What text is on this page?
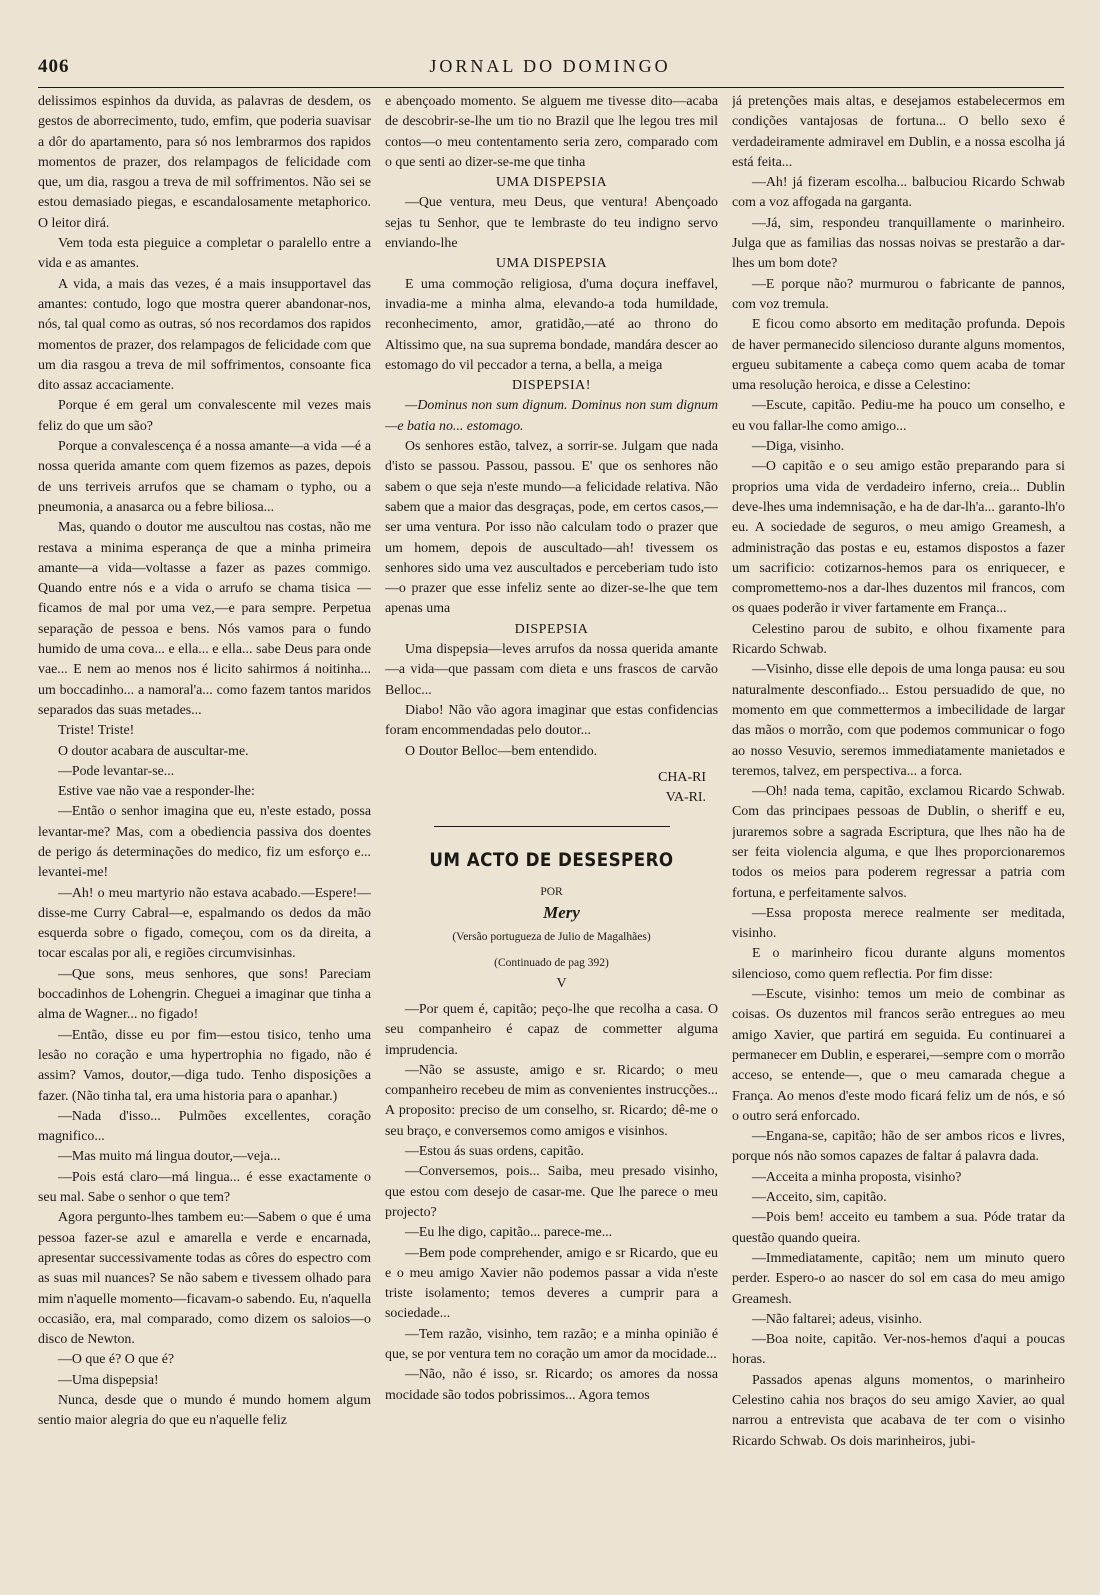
406	JORNAL DO DOMINGO

delissimos espinhos da duvida, as palavras de desdem, os gestos de aborrecimento, tudo, emfim, que poderia suavisar a dôr do apartamento, para só nos lembrarmos dos rapidos momentos de prazer, dos relampagos de felicidade com que, um dia, rasgou a treva de mil soffrimentos. Não sei se estou demasiado piegas, e escandalosamente metaphorico. O leitor dirá.

Vem toda esta pieguice a completar o paralello entre a vida e as amantes.

A vida, a mais das vezes, é a mais insupportavel das amantes: contudo, logo que mostra querer abandonar-nos, nós, tal qual como as outras, só nos recordamos dos rapidos momentos de prazer, dos relampagos de felicidade com que um dia rasgou a treva de mil soffrimentos, consoante fica dito assaz accaciamente.

Porque é em geral um convalescente mil vezes mais feliz do que um são?

Porque a convalescença é a nossa amante—a vida —é a nossa querida amante com quem fizemos as pazes, depois de uns terriveis arrufos que se chamam o typho, ou a pneumonia, a anasarca ou a febre biliosa...

Mas, quando o doutor me auscultou nas costas, não me restava a minima esperança de que a minha primeira amante—a vida—voltasse a fazer as pazes commigo. Quando entre nós e a vida o arrufo se chama tisica — ficamos de mal por uma vez,—e para sempre. Perpetua separação de pessoa e bens. Nós vamos para o fundo humido de uma cova... e ella... e ella... sabe Deus para onde vae... E nem ao menos nos é licito sahirmos á noitinha... um boccadinho... a namoral'a... como fazem tantos maridos separados das suas metades...

Triste! Triste!

O doutor acabara de auscultar-me.

—Pode levantar-se...

Estive vae não vae a responder-lhe:

—Então o senhor imagina que eu, n'este estado, possa levantar-me? Mas, com a obediencia passiva dos doentes de perigo ás determinações do medico, fiz um esforço e... levantei-me!

—Ah! o meu martyrio não estava acabado.—Espere!—disse-me Curry Cabral—e, espalmando os dedos da mão esquerda sobre o figado, começou, com os da direita, a tocar escalas por ali, e regiões circumvisinhas.

—Que sons, meus senhores, que sons! Pareciam boccadinhos de Lohengrin. Cheguei a imaginar que tinha a alma de Wagner... no figado!

—Então, disse eu por fim—estou tisico, tenho uma lesão no coração e uma hypertrophia no figado, não é assim? Vamos, doutor,—diga tudo. Tenho disposições a fazer. (Não tinha tal, era uma historia para o apanhar.)

—Nada d'isso... Pulmões excellentes, coração magnifico...

—Mas muito má lingua doutor,—veja...

—Pois está claro—má lingua... é esse exactamente o seu mal. Sabe o senhor o que tem?

Agora pergunto-lhes tambem eu:—Sabem o que é uma pessoa fazer-se azul e amarella e verde e encarnada, apresentar successivamente todas as côres do espectro com as suas mil nuances? Se não sabem e tivessem olhado para mim n'aquelle momento—ficavam-o sabendo. Eu, n'aquella occasião, era, mal comparado, como dizem os saloios—o disco de Newton.

—O que é? O que é?

—Uma dispepsia!

Nunca, desde que o mundo é mundo homem algum sentio maior alegria do que eu n'aquelle feliz

e abençoado momento. Se alguem me tivesse dito—acaba de descobrir-se-lhe um tio no Brazil que lhe legou tres mil contos—o meu contentamento seria zero, comparado com o que senti ao dizer-se-me que tinha

UMA DISPEPSIA

—Que ventura, meu Deus, que ventura! Abençoado sejas tu Senhor, que te lembraste do teu indigno servo enviando-lhe

UMA DISPEPSIA

E uma commoção religiosa, d'uma doçura ineffavel, invadia-me a minha alma, elevando-a toda humildade, reconhecimento, amor, gratidão,—até ao throno do Altissimo que, na sua suprema bondade, mandára descer ao estomago do vil peccador a terna, a bella, a meiga

DISPEPSIA!

—Dominus non sum dignum. Dominus non sum dignum—e batia no... estomago.

Os senhores estão, talvez, a sorrir-se. Julgam que nada d'isto se passou. Passou, passou. E' que os senhores não sabem o que seja n'este mundo—a felicidade relativa. Não sabem que a maior das desgraças, pode, em certos casos,—ser uma ventura. Por isso não calculam todo o prazer que um homem, depois de auscultado—ah! tivessem os senhores sido uma vez auscultados e perceberiam tudo isto—o prazer que esse infeliz sente ao dizer-se-lhe que tem apenas uma

DISPEPSIA

Uma dispepsia—leves arrufos da nossa querida amante—a vida—que passam com dieta e uns frascos de carvão Belloc...

Diabo! Não vão agora imaginar que estas confidencias foram encommendadas pelo doutor...

O Doutor Belloc—bem entendido.

CHA-RI

VA-RI.

UM ACTO DE DESESPERO

POR

Mery

(Versão portugueza de Julio de Magalhães)

(Continuado de pag 392)

V

—Por quem é, capitão; peço-lhe que recolha a casa. O seu companheiro é capaz de commetter alguma imprudencia.

—Não se assuste, amigo e sr. Ricardo; o meu companheiro recebeu de mim as convenientes instrucções... A proposito: preciso de um conselho, sr. Ricardo; dê-me o seu braço, e conversemos como amigos e visinhos.

—Estou ás suas ordens, capitão.

—Conversemos, pois... Saiba, meu presado visinho, que estou com desejo de casar-me. Que lhe parece o meu projecto?

—Eu lhe digo, capitão... parece-me...

—Bem pode comprehender, amigo e sr Ricardo, que eu e o meu amigo Xavier não podemos passar a vida n'este triste isolamento; temos deveres a cumprir para a sociedade...

—Tem razão, visinho, tem razão; e a minha opinião é que, se por ventura tem no coração um amor da mocidade...

—Não, não é isso, sr. Ricardo; os amores da nossa mocidade são todos pobrissimos... Agora temos

já pretenções mais altas, e desejamos estabelecermos em condições vantajosas de fortuna... O bello sexo é verdadeiramente admiravel em Dublin, e a nossa escolha já está feita...

—Ah! já fizeram escolha... balbuciou Ricardo Schwab com a voz affogada na garganta.

—Já, sim, respondeu tranquillamente o marinheiro. Julga que as familias das nossas noivas se prestarão a dar-lhes um bom dote?

—E porque não? murmurou o fabricante de pannos, com voz tremula.

E ficou como absorto em meditação profunda. Depois de haver permanecido silencioso durante alguns momentos, ergueu subitamente a cabeça como quem acaba de tomar uma resolução heroica, e disse a Celestino:

—Escute, capitão. Pediu-me ha pouco um conselho, e eu vou fallar-lhe como amigo...

—Diga, visinho.

—O capitão e o seu amigo estão preparando para si proprios uma vida de verdadeiro inferno, creia... Dublin deve-lhes uma indemnisação, e ha de dar-lh'a... garanto-lh'o eu. A sociedade de seguros, o meu amigo Greamesh, a administração das postas e eu, estamos dispostos a fazer um sacrificio: cotizarnos-hemos para os enriquecer, e compromettemo-nos a dar-lhes duzentos mil francos, com os quaes poderão ir viver fartamente em França...

Celestino parou de subito, e olhou fixamente para Ricardo Schwab.

—Visinho, disse elle depois de uma longa pausa: eu sou naturalmente desconfiado... Estou persuadido de que, no momento em que commettermos a imbecilidade de largar das mãos o morrão, com que podemos communicar o fogo ao nosso Vesuvio, seremos immediatamente manietados e teremos, talvez, em perspectiva... a forca.

—Oh! nada tema, capitão, exclamou Ricardo Schwab. Com das principaes pessoas de Dublin, o sheriff e eu, juraremos sobre a sagrada Escriptura, que lhes não ha de ser feita violencia alguma, e que lhes proporcionaremos todos os meios para poderem regressar a patria com fortuna, e perfeitamente salvos.

—Essa proposta merece realmente ser meditada, visinho.

E o marinheiro ficou durante alguns momentos silencioso, como quem reflectia. Por fim disse:

—Escute, visinho: temos um meio de combinar as coisas. Os duzentos mil francos serão entregues ao meu amigo Xavier, que partirá em seguida. Eu continuarei a permanecer em Dublin, e esperarei,—sempre com o morrão acceso, se entende—, que o meu camarada chegue a França. Ao menos d'este modo ficará feliz um de nós, e só o outro será enforcado.

—Engana-se, capitão; hão de ser ambos ricos e livres, porque nós não somos capazes de faltar á palavra dada.

—Acceita a minha proposta, visinho?

—Acceito, sim, capitão.

—Pois bem! acceito eu tambem a sua. Póde tratar da questão quando queira.

—Immediatamente, capitão; nem um minuto quero perder. Espero-o ao nascer do sol em casa do meu amigo Greamesh.

—Não faltarei; adeus, visinho.

—Boa noite, capitão. Ver-nos-hemos d'aqui a poucas horas.

Passados apenas alguns momentos, o marinheiro Celestino cahia nos braços do seu amigo Xavier, ao qual narrou a entrevista que acabava de ter com o visinho Ricardo Schwab. Os dois marinheiros, jubi-
